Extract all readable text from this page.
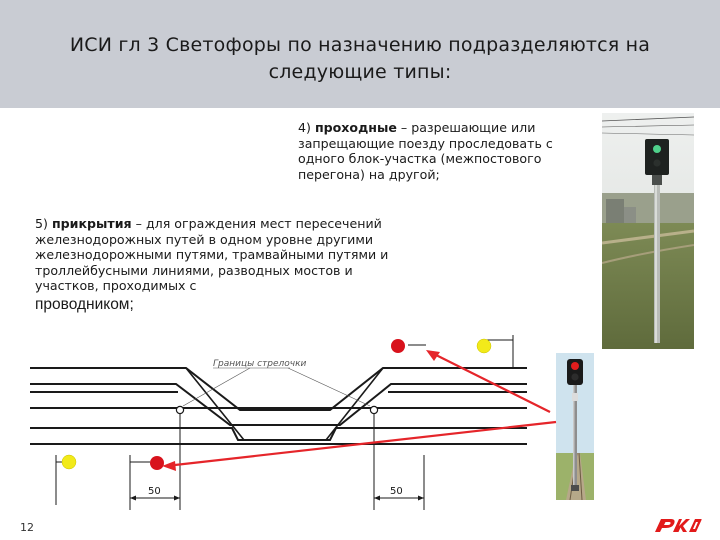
ИСИ гл 3 Светофоры по назначению подразделяются на следующие типы:
4) проходные – разрешающие или запрещающие поезду проследовать с одного блок-участка (межпостового перегона) на другой;
5) прикрытия – для ограждения мест пересечений железнодорожных путей в одном уровне другими железнодорожными путями, трамвайными путями и троллейбусными линиями, разводных мостов и участков, проходимых с
проводником;
50	50
Границы стрелочки
12
